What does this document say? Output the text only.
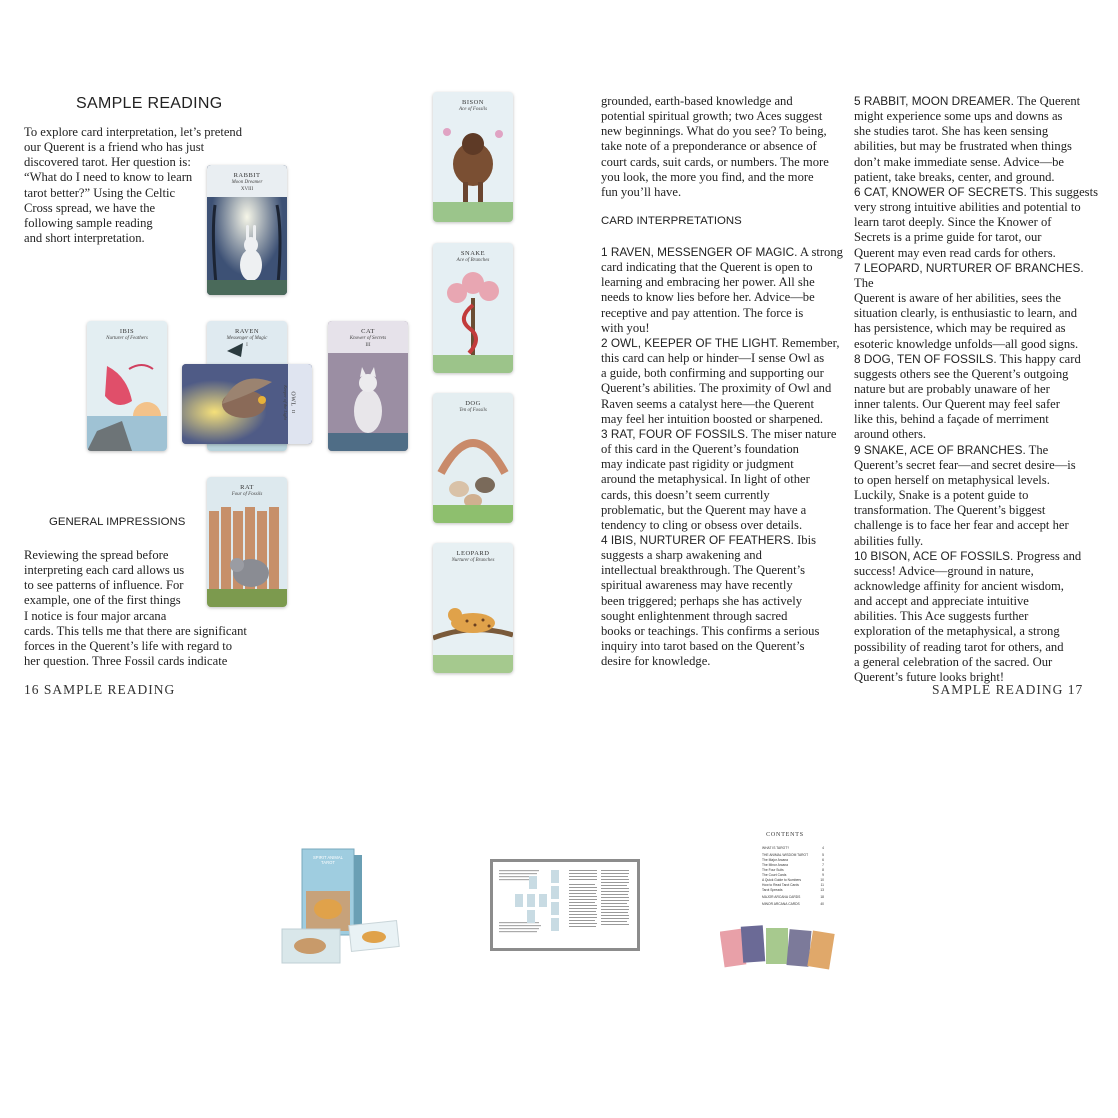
SAMPLE READING
To explore card interpretation, let’s pretend
our Querent is a friend who has just
discovered tarot. Her question is:
“What do I need to know to learn
tarot better?” Using the Celtic
Cross spread, we have the
following sample reading
and short interpretation.
GENERAL IMPRESSIONS
Reviewing the spread before
interpreting each card allows us
to see patterns of influence. For
example, one of the first things
I notice is four major arcana
cards. This tells me that there are significant
forces in the Querent’s life with regard to
her question. Three Fossil cards indicate
16 SAMPLE READING
RABBIT
Moon Dreamer
XVIII
IBIS
Nurturer of Feathers
RAVEN
Messenger of Magic
I
OWL
Keeper of the Light II
CAT
Knower of Secrets
III
RAT
Four of Fossils
BISON
Ace of Fossils
SNAKE
Ace of Branches
DOG
Ten of Fossils
LEOPARD
Nurturer of Branches
grounded, earth-based knowledge and
potential spiritual growth; two Aces suggest
new beginnings. What do you see? To being,
take note of a preponderance or absence of
court cards, suit cards, or numbers. The more
you look, the more you find, and the more
fun you’ll have.
CARD INTERPRETATIONS
1 RAVEN, MESSENGER OF MAGIC. A strong
card indicating that the Querent is open to
learning and embracing her power. All she
needs to know lies before her. Advice—be
receptive and pay attention. The force is
with you!
2 OWL, KEEPER OF THE LIGHT. Remember,
this card can help or hinder—I sense Owl as
a guide, both confirming and supporting our
Querent’s abilities. The proximity of Owl and
Raven seems a catalyst here—the Querent
may feel her intuition boosted or sharpened.
3 RAT, FOUR OF FOSSILS. The miser nature
of this card in the Querent’s foundation
may indicate past rigidity or judgment
around the metaphysical. In light of other
cards, this doesn’t seem currently
problematic, but the Querent may have a
tendency to cling or obsess over details.
4 IBIS, NURTURER OF FEATHERS. Ibis
suggests a sharp awakening and
intellectual breakthrough. The Querent’s
spiritual awareness may have recently
been triggered; perhaps she has actively
sought enlightenment through sacred
books or teachings. This confirms a serious
inquiry into tarot based on the Querent’s
desire for knowledge.
5 RABBIT, MOON DREAMER. The Querent
might experience some ups and downs as
she studies tarot. She has keen sensing
abilities, but may be frustrated when things
don’t make immediate sense. Advice—be
patient, take breaks, center, and ground.
6 CAT, KNOWER OF SECRETS. This suggests
very strong intuitive abilities and potential to
learn tarot deeply. Since the Knower of
Secrets is a prime guide for tarot, our
Querent may even read cards for others.
7 LEOPARD, NURTURER OF BRANCHES. The
Querent is aware of her abilities, sees the
situation clearly, is enthusiastic to learn, and
has persistence, which may be required as
esoteric knowledge unfolds—all good signs.
8 DOG, TEN OF FOSSILS. This happy card
suggests others see the Querent’s outgoing
nature but are probably unaware of her
inner talents. Our Querent may feel safer
like this, behind a façade of merriment
around others.
9 SNAKE, ACE OF BRANCHES. The
Querent’s secret fear—and secret desire—is
to open herself on metaphysical levels.
Luckily, Snake is a potent guide to
transformation. The Querent’s biggest
challenge is to face her fear and accept her
abilities fully.
10 BISON, ACE OF FOSSILS. Progress and
success! Advice—ground in nature,
acknowledge affinity for ancient wisdom,
and accept and appreciate intuitive
abilities. This Ace suggests further
exploration of the metaphysical, a strong
possibility of reading tarot for others, and
a general celebration of the sacred. Our
Querent’s future looks bright!
SAMPLE READING 17
SPIRIT ANIMAL TAROT
CONTENTS
WHAT IS TAROT?	4
THE ANIMAL WISDOM TAROT	5
The Major Arcana	6
The Minor Arcana	7
The Four Suits	8
The Court Cards	9
A Quick Guide to Numbers	10
How to Read Tarot Cards	11
Tarot Spreads	13
MAJOR ARCANA CARDS	18
MINOR ARCANA CARDS	40
